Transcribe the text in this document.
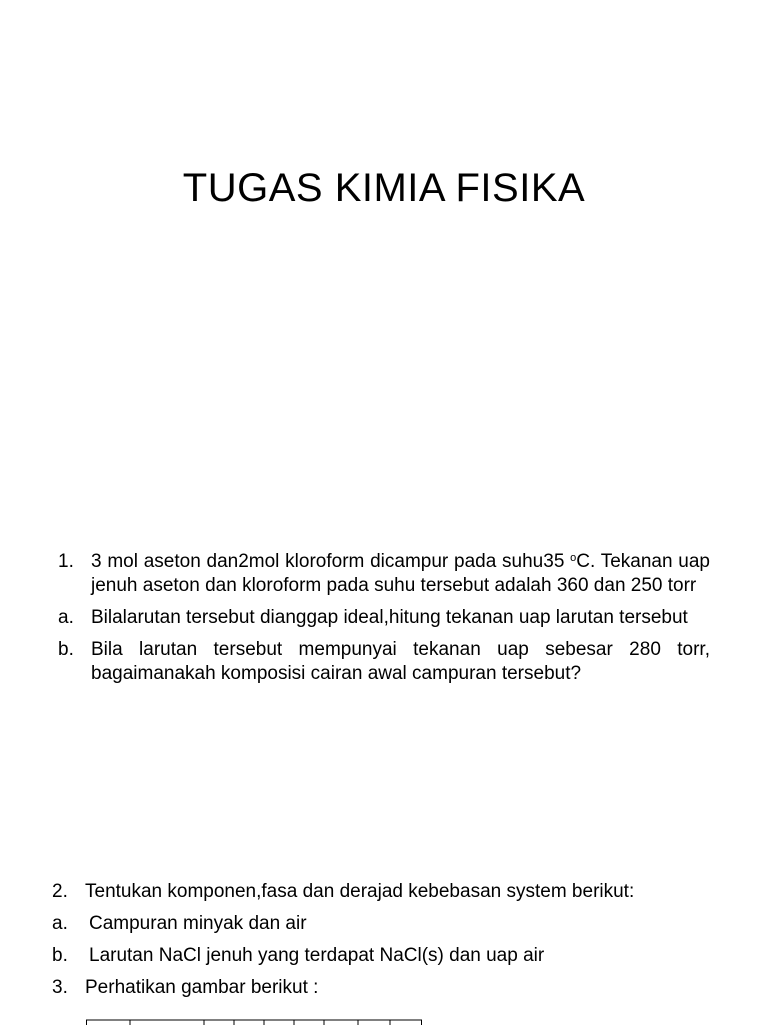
TUGAS KIMIA FISIKA
1. 3 mol aseton dan2mol kloroform dicampur pada suhu35 $^o$C. Tekanan uap jenuh aseton dan kloroform pada suhu tersebut adalah 360 dan 250 torr
a. Bilalarutan tersebut dianggap ideal,hitung tekanan uap larutan tersebut
b. Bila larutan tersebut mempunyai tekanan uap sebesar 280 torr, bagaimanakah komposisi cairan awal campuran tersebut?
2. Tentukan komponen,fasa dan derajad kebebasan system berikut:
a. Campuran minyak dan air
b. Larutan NaCl jenuh yang terdapat NaCl(s) dan uap air
3. Perhatikan gambar berikut :
